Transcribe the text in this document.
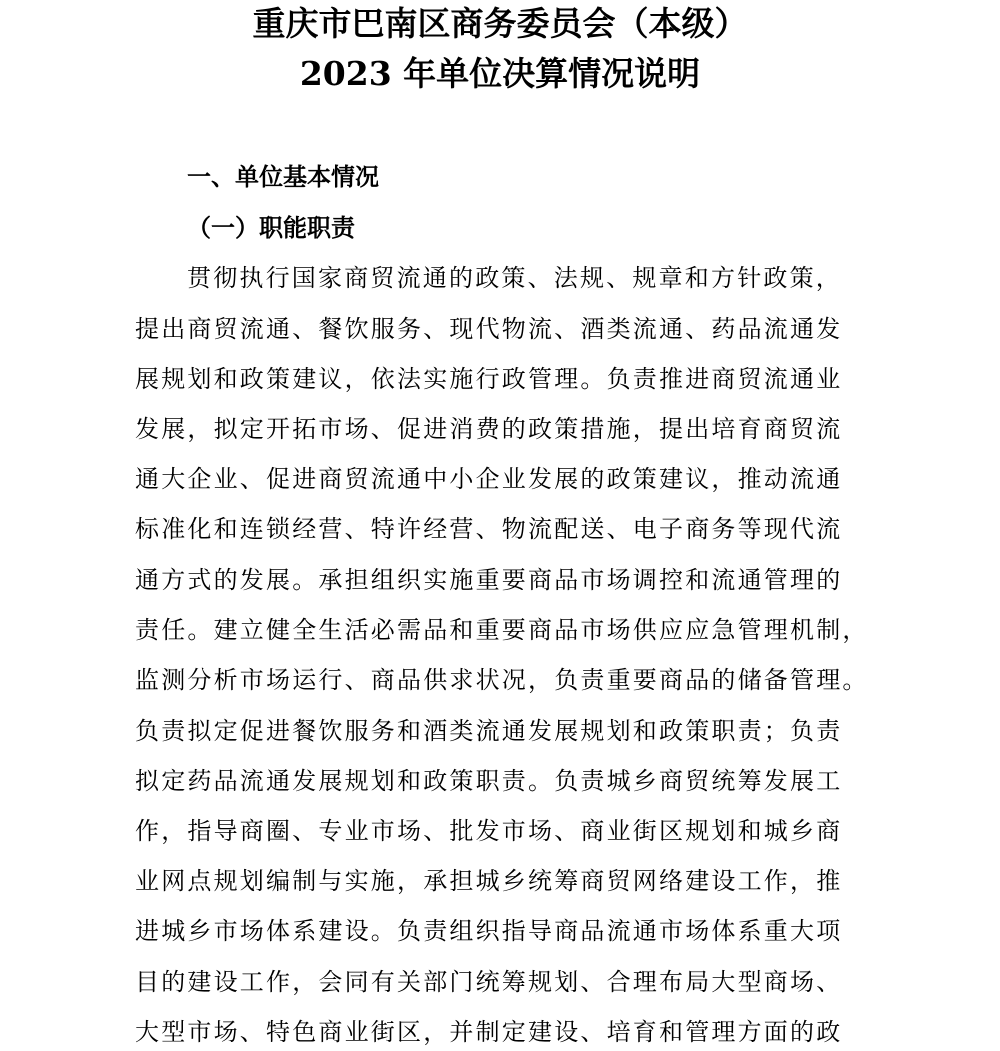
重庆市巴南区商务委员会（本级）
2023 年单位决算情况说明
一、单位基本情况
（一）职能职责
贯彻执行国家商贸流通的政策、法规、规章和方针政策，
提出商贸流通、餐饮服务、现代物流、酒类流通、药品流通发
展规划和政策建议，依法实施行政管理。负责推进商贸流通业
发展，拟定开拓市场、促进消费的政策措施，提出培育商贸流
通大企业、促进商贸流通中小企业发展的政策建议，推动流通
标准化和连锁经营、特许经营、物流配送、电子商务等现代流
通方式的发展。承担组织实施重要商品市场调控和流通管理的
责任。建立健全生活必需品和重要商品市场供应应急管理机制，
监测分析市场运行、商品供求状况，负责重要商品的储备管理。
负责拟定促进餐饮服务和酒类流通发展规划和政策职责；负责
拟定药品流通发展规划和政策职责。负责城乡商贸统筹发展工
作，指导商圈、专业市场、批发市场、商业街区规划和城乡商
业网点规划编制与实施，承担城乡统筹商贸网络建设工作，推
进城乡市场体系建设。负责组织指导商品流通市场体系重大项
目的建设工作，会同有关部门统筹规划、合理布局大型商场、
大型市场、特色商业街区，并制定建设、培育和管理方面的政
